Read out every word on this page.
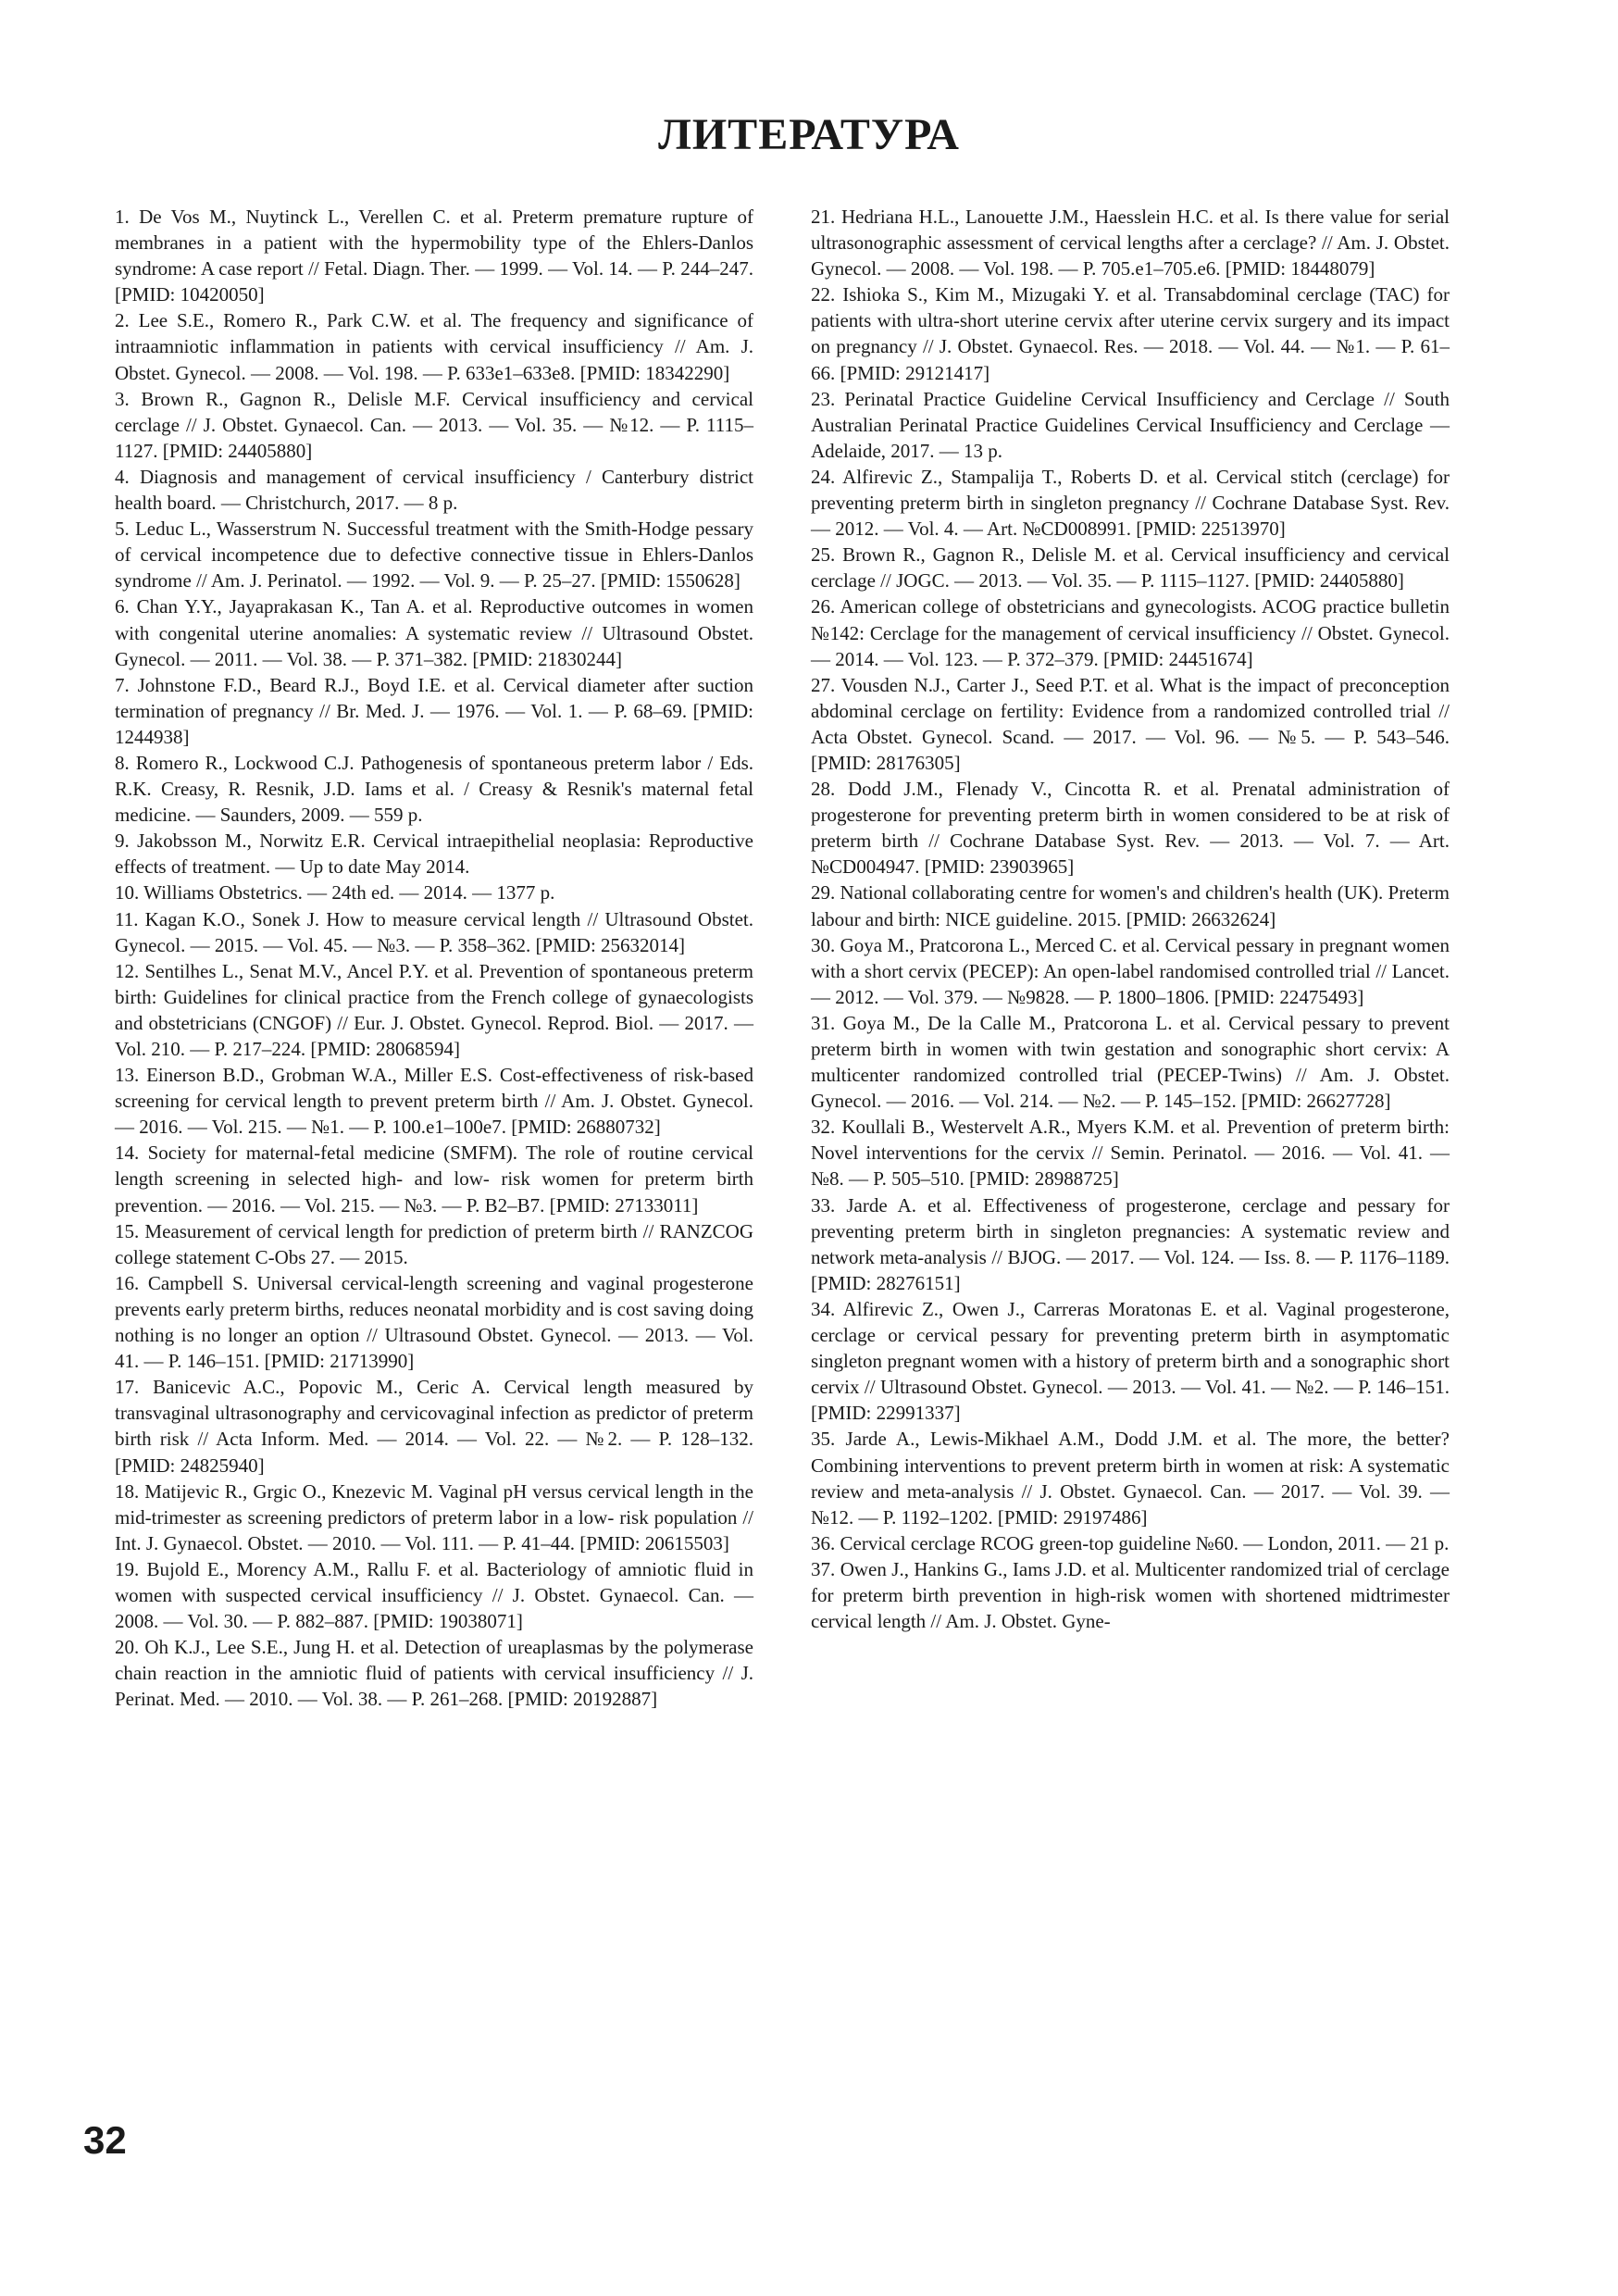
ЛИТЕРАТУРА
1. De Vos M., Nuytinck L., Verellen C. et al. Preterm premature rupture of membranes in a patient with the hypermobility type of the Ehlers-Danlos syndrome: A case report // Fetal. Diagn. Ther. — 1999. — Vol. 14. — P. 244–247. [PMID: 10420050]
2. Lee S.E., Romero R., Park C.W. et al. The frequency and significance of intraamniotic inflammation in patients with cervical insufficiency // Am. J. Obstet. Gynecol. — 2008. — Vol. 198. — P. 633e1–633e8. [PMID: 18342290]
3. Brown R., Gagnon R., Delisle M.F. Cervical insufficiency and cervical cerclage // J. Obstet. Gynaecol. Can. — 2013. — Vol. 35. — №12. — P. 1115–1127. [PMID: 24405880]
4. Diagnosis and management of cervical insufficiency / Canterbury district health board. — Christchurch, 2017. — 8 p.
5. Leduc L., Wasserstrum N. Successful treatment with the Smith-Hodge pessary of cervical incompetence due to defective connective tissue in Ehlers-Danlos syndrome // Am. J. Perinatol. — 1992. — Vol. 9. — P. 25–27. [PMID: 1550628]
6. Chan Y.Y., Jayaprakasan K., Tan A. et al. Reproductive outcomes in women with congenital uterine anomalies: A systematic review // Ultrasound Obstet. Gynecol. — 2011. — Vol. 38. — P. 371–382. [PMID: 21830244]
7. Johnstone F.D., Beard R.J., Boyd I.E. et al. Cervical diameter after suction termination of pregnancy // Br. Med. J. — 1976. — Vol. 1. — P. 68–69. [PMID: 1244938]
8. Romero R., Lockwood C.J. Pathogenesis of spontaneous preterm labor / Eds. R.K. Creasy, R. Resnik, J.D. Iams et al. / Creasy & Resnik's maternal fetal medicine. — Saunders, 2009. — 559 p.
9. Jakobsson M., Norwitz E.R. Cervical intraepithelial neoplasia: Reproductive effects of treatment. — Up to date May 2014.
10. Williams Obstetrics. — 24th ed. — 2014. — 1377 p.
11. Kagan K.O., Sonek J. How to measure cervical length // Ultrasound Obstet. Gynecol. — 2015. — Vol. 45. — №3. — P. 358–362. [PMID: 25632014]
12. Sentilhes L., Senat M.V., Ancel P.Y. et al. Prevention of spontaneous preterm birth: Guidelines for clinical practice from the French college of gynaecologists and obstetricians (CNGOF) // Eur. J. Obstet. Gynecol. Reprod. Biol. — 2017. — Vol. 210. — P. 217–224. [PMID: 28068594]
13. Einerson B.D., Grobman W.A., Miller E.S. Cost-effectiveness of risk-based screening for cervical length to prevent preterm birth // Am. J. Obstet. Gynecol. — 2016. — Vol. 215. — №1. — P. 100.e1–100e7. [PMID: 26880732]
14. Society for maternal-fetal medicine (SMFM). The role of routine cervical length screening in selected high- and low- risk women for preterm birth prevention. — 2016. — Vol. 215. — №3. — P. B2–B7. [PMID: 27133011]
15. Measurement of cervical length for prediction of preterm birth // RANZCOG college statement C-Obs 27. — 2015.
16. Campbell S. Universal cervical-length screening and vaginal progesterone prevents early preterm births, reduces neonatal morbidity and is cost saving doing nothing is no longer an option // Ultrasound Obstet. Gynecol. — 2013. — Vol. 41. — P. 146–151. [PMID: 21713990]
17. Banicevic A.C., Popovic M., Ceric A. Cervical length measured by transvaginal ultrasonography and cervicovaginal infection as predictor of preterm birth risk // Acta Inform. Med. — 2014. — Vol. 22. — №2. — P. 128–132. [PMID: 24825940]
18. Matijevic R., Grgic O., Knezevic M. Vaginal pH versus cervical length in the mid-trimester as screening predictors of preterm labor in a low- risk population // Int. J. Gynaecol. Obstet. — 2010. — Vol. 111. — P. 41–44. [PMID: 20615503]
19. Bujold E., Morency A.M., Rallu F. et al. Bacteriology of amniotic fluid in women with suspected cervical insufficiency // J. Obstet. Gynaecol. Can. — 2008. — Vol. 30. — P. 882–887. [PMID: 19038071]
20. Oh K.J., Lee S.E., Jung H. et al. Detection of ureaplasmas by the polymerase chain reaction in the amniotic fluid of patients with cervical insufficiency // J. Perinat. Med. — 2010. — Vol. 38. — P. 261–268. [PMID: 20192887]
21. Hedriana H.L., Lanouette J.M., Haesslein H.C. et al. Is there value for serial ultrasonographic assessment of cervical lengths after a cerclage? // Am. J. Obstet. Gynecol. — 2008. — Vol. 198. — P. 705.e1–705.e6. [PMID: 18448079]
22. Ishioka S., Kim M., Mizugaki Y. et al. Transabdominal cerclage (TAC) for patients with ultra-short uterine cervix after uterine cervix surgery and its impact on pregnancy // J. Obstet. Gynaecol. Res. — 2018. — Vol. 44. — №1. — P. 61–66. [PMID: 29121417]
23. Perinatal Practice Guideline Cervical Insufficiency and Cerclage // South Australian Perinatal Practice Guidelines Cervical Insufficiency and Cerclage — Adelaide, 2017. — 13 p.
24. Alfirevic Z., Stampalija T., Roberts D. et al. Cervical stitch (cerclage) for preventing preterm birth in singleton pregnancy // Cochrane Database Syst. Rev. — 2012. — Vol. 4. — Art. №CD008991. [PMID: 22513970]
25. Brown R., Gagnon R., Delisle M. et al. Cervical insufficiency and cervical cerclage // JOGC. — 2013. — Vol. 35. — P. 1115–1127. [PMID: 24405880]
26. American college of obstetricians and gynecologists. ACOG practice bulletin №142: Cerclage for the management of cervical insufficiency // Obstet. Gynecol. — 2014. — Vol. 123. — P. 372–379. [PMID: 24451674]
27. Vousden N.J., Carter J., Seed P.T. et al. What is the impact of preconception abdominal cerclage on fertility: Evidence from a randomized controlled trial // Acta Obstet. Gynecol. Scand. — 2017. — Vol. 96. — №5. — P. 543–546. [PMID: 28176305]
28. Dodd J.M., Flenady V., Cincotta R. et al. Prenatal administration of progesterone for preventing preterm birth in women considered to be at risk of preterm birth // Cochrane Database Syst. Rev. — 2013. — Vol. 7. — Art. №CD004947. [PMID: 23903965]
29. National collaborating centre for women's and children's health (UK). Preterm labour and birth: NICE guideline. 2015. [PMID: 26632624]
30. Goya M., Pratcorona L., Merced C. et al. Cervical pessary in pregnant women with a short cervix (PECEP): An open-label randomised controlled trial // Lancet. — 2012. — Vol. 379. — №9828. — P. 1800–1806. [PMID: 22475493]
31. Goya M., De la Calle M., Pratcorona L. et al. Cervical pessary to prevent preterm birth in women with twin gestation and sonographic short cervix: A multicenter randomized controlled trial (PECEP-Twins) // Am. J. Obstet. Gynecol. — 2016. — Vol. 214. — №2. — P. 145–152. [PMID: 26627728]
32. Koullali B., Westervelt A.R., Myers K.M. et al. Prevention of preterm birth: Novel interventions for the cervix // Semin. Perinatol. — 2016. — Vol. 41. — №8. — P. 505–510. [PMID: 28988725]
33. Jarde A. et al. Effectiveness of progesterone, cerclage and pessary for preventing preterm birth in singleton pregnancies: A systematic review and network meta-analysis // BJOG. — 2017. — Vol. 124. — Iss. 8. — P. 1176–1189. [PMID: 28276151]
34. Alfirevic Z., Owen J., Carreras Moratonas E. et al. Vaginal progesterone, cerclage or cervical pessary for preventing preterm birth in asymptomatic singleton pregnant women with a history of preterm birth and a sonographic short cervix // Ultrasound Obstet. Gynecol. — 2013. — Vol. 41. — №2. — P. 146–151. [PMID: 22991337]
35. Jarde A., Lewis-Mikhael A.M., Dodd J.M. et al. The more, the better? Combining interventions to prevent preterm birth in women at risk: A systematic review and meta-analysis // J. Obstet. Gynaecol. Can. — 2017. — Vol. 39. — №12. — P. 1192–1202. [PMID: 29197486]
36. Cervical cerclage RCOG green-top guideline №60. — London, 2011. — 21 p.
37. Owen J., Hankins G., Iams J.D. et al. Multicenter randomized trial of cerclage for preterm birth prevention in high-risk women with shortened midtrimester cervical length // Am. J. Obstet. Gyne-
32
